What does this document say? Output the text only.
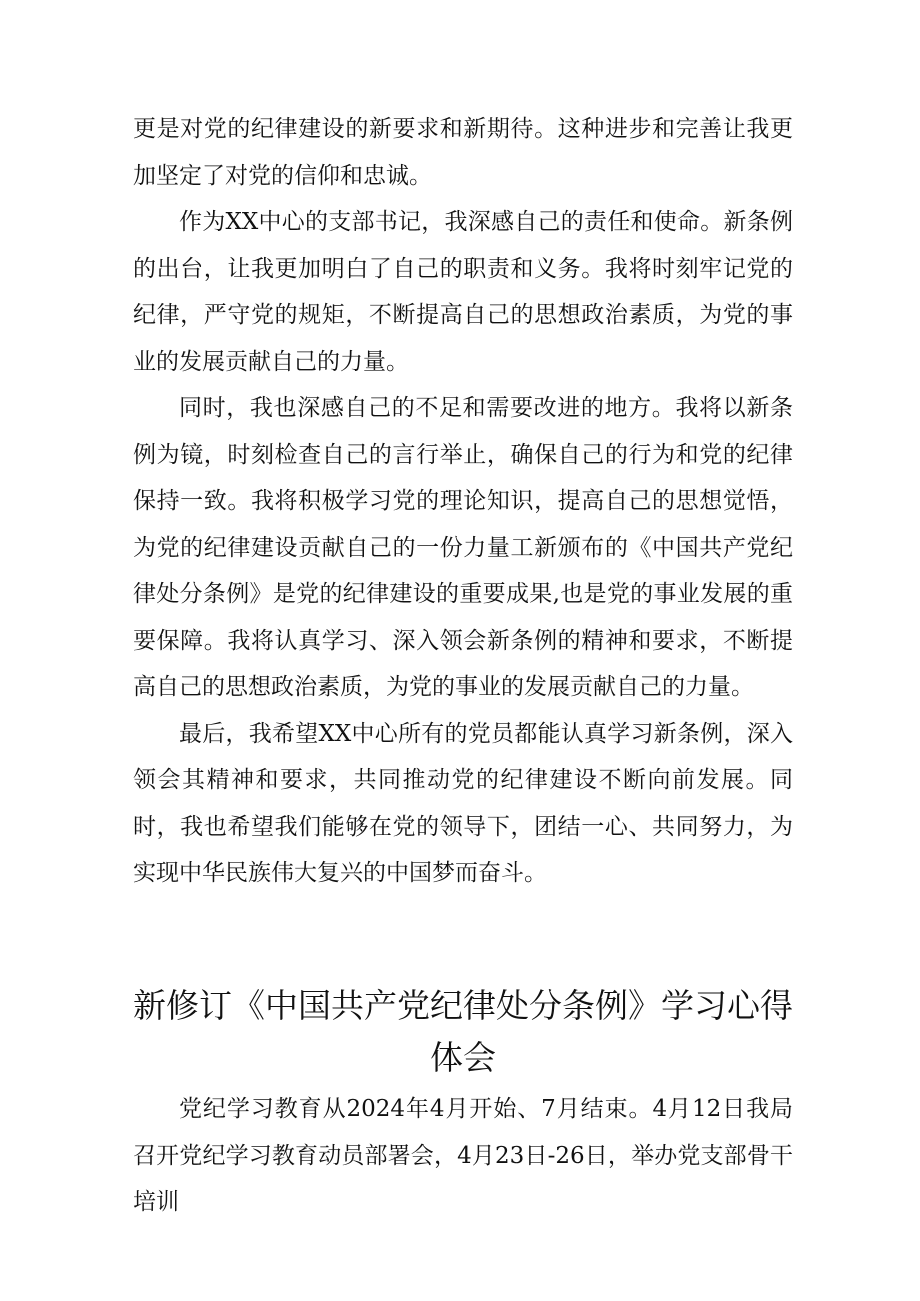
更是对党的纪律建设的新要求和新期待。这种进步和完善让我更加坚定了对党的信仰和忠诚。

作为XX中心的支部书记，我深感自己的责任和使命。新条例的出台，让我更加明白了自己的职责和义务。我将时刻牢记党的纪律，严守党的规矩，不断提高自己的思想政治素质，为党的事业的发展贡献自己的力量。

同时，我也深感自己的不足和需要改进的地方。我将以新条例为镜，时刻检查自己的言行举止，确保自己的行为和党的纪律保持一致。我将积极学习党的理论知识，提高自己的思想觉悟，为党的纪律建设贡献自己的一份力量工新颁布的《中国共产党纪律处分条例》是党的纪律建设的重要成果,也是党的事业发展的重要保障。我将认真学习、深入领会新条例的精神和要求，不断提高自己的思想政治素质，为党的事业的发展贡献自己的力量。

最后，我希望XX中心所有的党员都能认真学习新条例，深入领会其精神和要求，共同推动党的纪律建设不断向前发展。同时，我也希望我们能够在党的领导下，团结一心、共同努力，为实现中华民族伟大复兴的中国梦而奋斗。

新修订《中国共产党纪律处分条例》学习心得体会

党纪学习教育从2024年4月开始、7月结束。4月12日我局召开党纪学习教育动员部署会，4月23日-26日，举办党支部骨干培训
